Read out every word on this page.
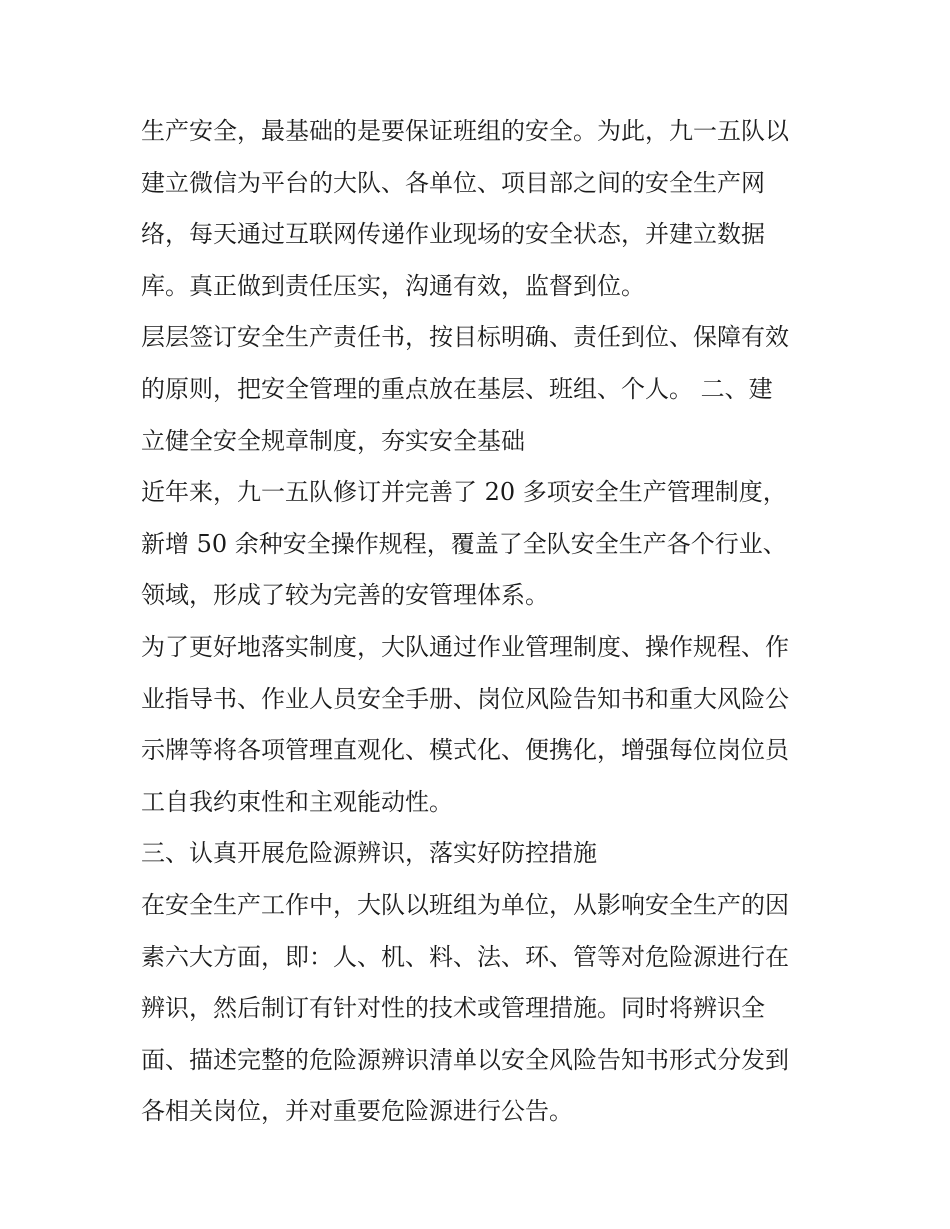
生产安全，最基础的是要保证班组的安全。为此，九一五队以
建立微信为平台的大队、各单位、项目部之间的安全生产网
络，每天通过互联网传递作业现场的安全状态，并建立数据
库。真正做到责任压实，沟通有效，监督到位。

层层签订安全生产责任书，按目标明确、责任到位、保障有效
的原则，把安全管理的重点放在基层、班组、个人。 二、建
立健全安全规章制度，夯实安全基础

近年来，九一五队修订并完善了 20 多项安全生产管理制度，
新增 50 余种安全操作规程，覆盖了全队安全生产各个行业、
领域，形成了较为完善的安管理体系。

为了更好地落实制度，大队通过作业管理制度、操作规程、作
业指导书、作业人员安全手册、岗位风险告知书和重大风险公
示牌等将各项管理直观化、模式化、便携化，增强每位岗位员
工自我约束性和主观能动性。

三、认真开展危险源辨识，落实好防控措施

在安全生产工作中，大队以班组为单位，从影响安全生产的因
素六大方面，即：人、机、料、法、环、管等对危险源进行在
辨识，然后制订有针对性的技术或管理措施。同时将辨识全
面、描述完整的危险源辨识清单以安全风险告知书形式分发到
各相关岗位，并对重要危险源进行公告。
